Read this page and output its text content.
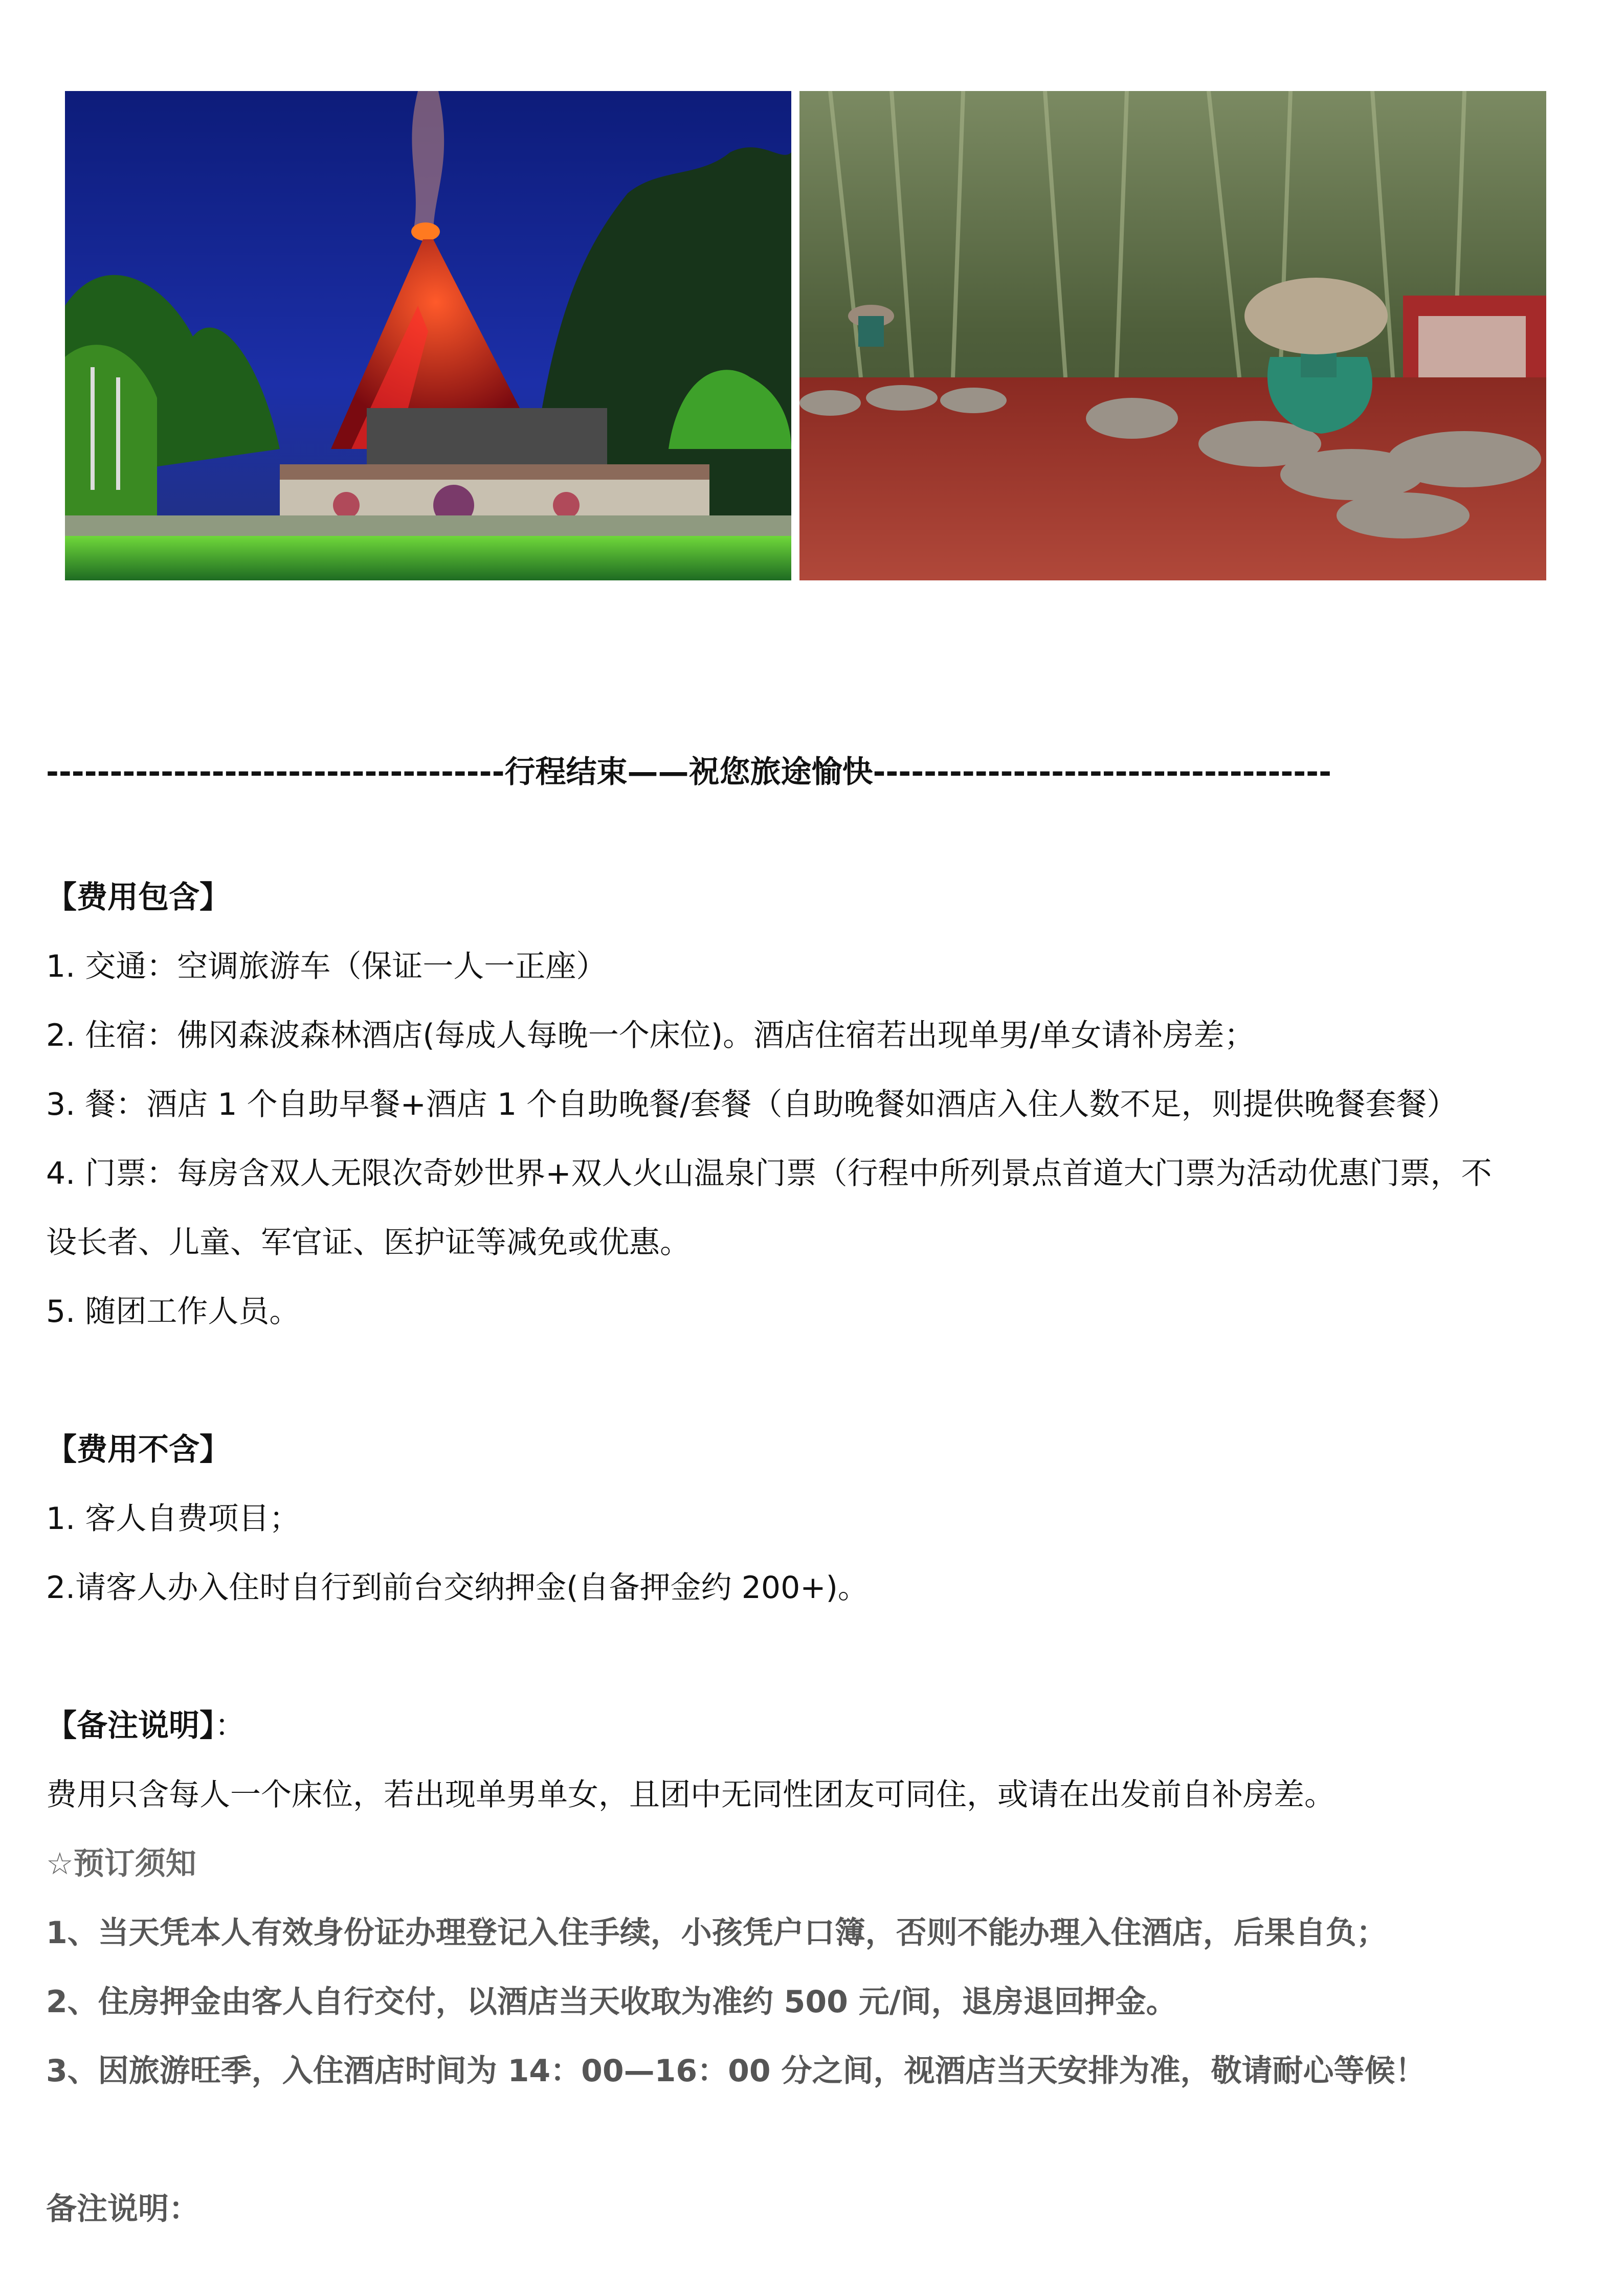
------------------------------------行程结束——祝您旅途愉快------------------------------------
【费用包含】
1. 交通：空调旅游车（保证一人一正座）
2. 住宿：佛冈森波森林酒店(每成人每晚一个床位)。酒店住宿若出现单男/单女请补房差；
3. 餐：酒店 1 个自助早餐+酒店 1 个自助晚餐/套餐（自助晚餐如酒店入住人数不足，则提供晚餐套餐）
4. 门票：每房含双人无限次奇妙世界+双人火山温泉门票（行程中所列景点首道大门票为活动优惠门票，不
设长者、儿童、军官证、医护证等减免或优惠。
5. 随团工作人员。
【费用不含】
1. 客人自费项目；
2.请客人办入住时自行到前台交纳押金(自备押金约 200+)。
【备注说明】：
费用只含每人一个床位，若出现单男单女，且团中无同性团友可同住，或请在出发前自补房差。
☆预订须知
1、当天凭本人有效身份证办理登记入住手续，小孩凭户口簿，否则不能办理入住酒店，后果自负；
2、住房押金由客人自行交付，以酒店当天收取为准约 500 元/间，退房退回押金。
3、因旅游旺季，入住酒店时间为 14：00—16：00 分之间，视酒店当天安排为准，敬请耐心等候！
备注说明：
